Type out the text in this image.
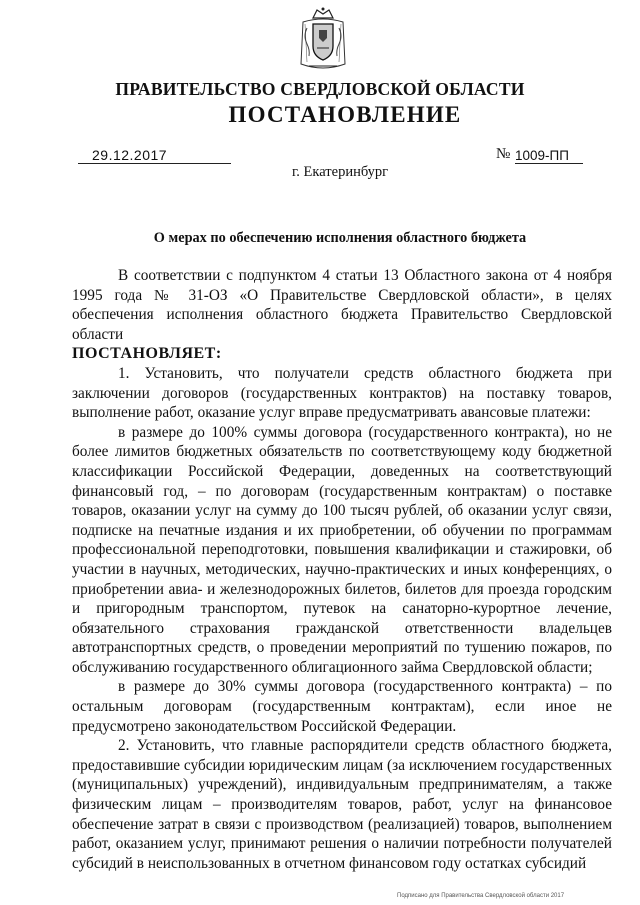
ПРАВИТЕЛЬСТВО СВЕРДЛОВСКОЙ ОБЛАСТИ
ПОСТАНОВЛЕНИЕ
29.12.2017	№ 1009-ПП
г. Екатеринбург
О мерах по обеспечению исполнения областного бюджета

В соответствии с подпунктом 4 статьи 13 Областного закона от 4 ноября 1995 года № 31-ОЗ «О Правительстве Свердловской области», в целях обеспечения исполнения областного бюджета Правительство Свердловской области

ПОСТАНОВЛЯЕТ:

1. Установить, что получатели средств областного бюджета при заключении договоров (государственных контрактов) на поставку товаров, выполнение работ, оказание услуг вправе предусматривать авансовые платежи:

в размере до 100% суммы договора (государственного контракта), но не более лимитов бюджетных обязательств по соответствующему коду бюджетной классификации Российской Федерации, доведенных на соответствующий финансовый год, – по договорам (государственным контрактам) о поставке товаров, оказании услуг на сумму до 100 тысяч рублей, об оказании услуг связи, подписке на печатные издания и их приобретении, об обучении по программам профессиональной переподготовки, повышения квалификации и стажировки, об участии в научных, методических, научно-практических и иных конференциях, о приобретении авиа- и железнодорожных билетов, билетов для проезда городским и пригородным транспортом, путевок на санаторно-курортное лечение, обязательного страхования гражданской ответственности владельцев автотранспортных средств, о проведении мероприятий по тушению пожаров, по обслуживанию государственного облигационного займа Свердловской области;

в размере до 30% суммы договора (государственного контракта) – по остальным договорам (государственным контрактам), если иное не предусмотрено законодательством Российской Федерации.

2. Установить, что главные распорядители средств областного бюджета, предоставившие субсидии юридическим лицам (за исключением государственных (муниципальных) учреждений), индивидуальным предпринимателям, а также физическим лицам – производителям товаров, работ, услуг на финансовое обеспечение затрат в связи с производством (реализацией) товаров, выполнением работ, оказанием услуг, принимают решения о наличии потребности получателей субсидий в неиспользованных в отчетном финансовом году остатках субсидий

Подписано для Правительства Свердловской области 2017
